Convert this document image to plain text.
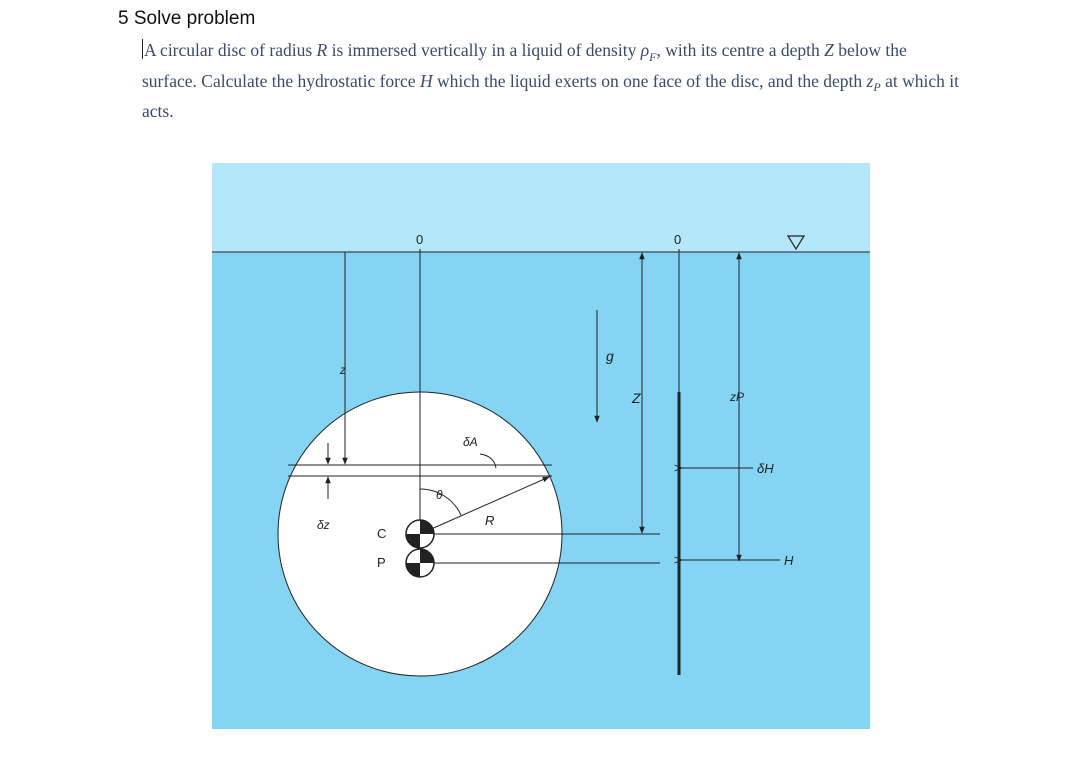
5 Solve problem
A circular disc of radius R is immersed vertically in a liquid of density $\rho_F$, with its centre a depth Z below the surface. Calculate the hydrostatic force H which the liquid exerts on one face of the disc, and the depth $z_P$ at which it acts.
0
z
δz
δA
R
θ
C
P
g
Z
0
zP
δH
H
